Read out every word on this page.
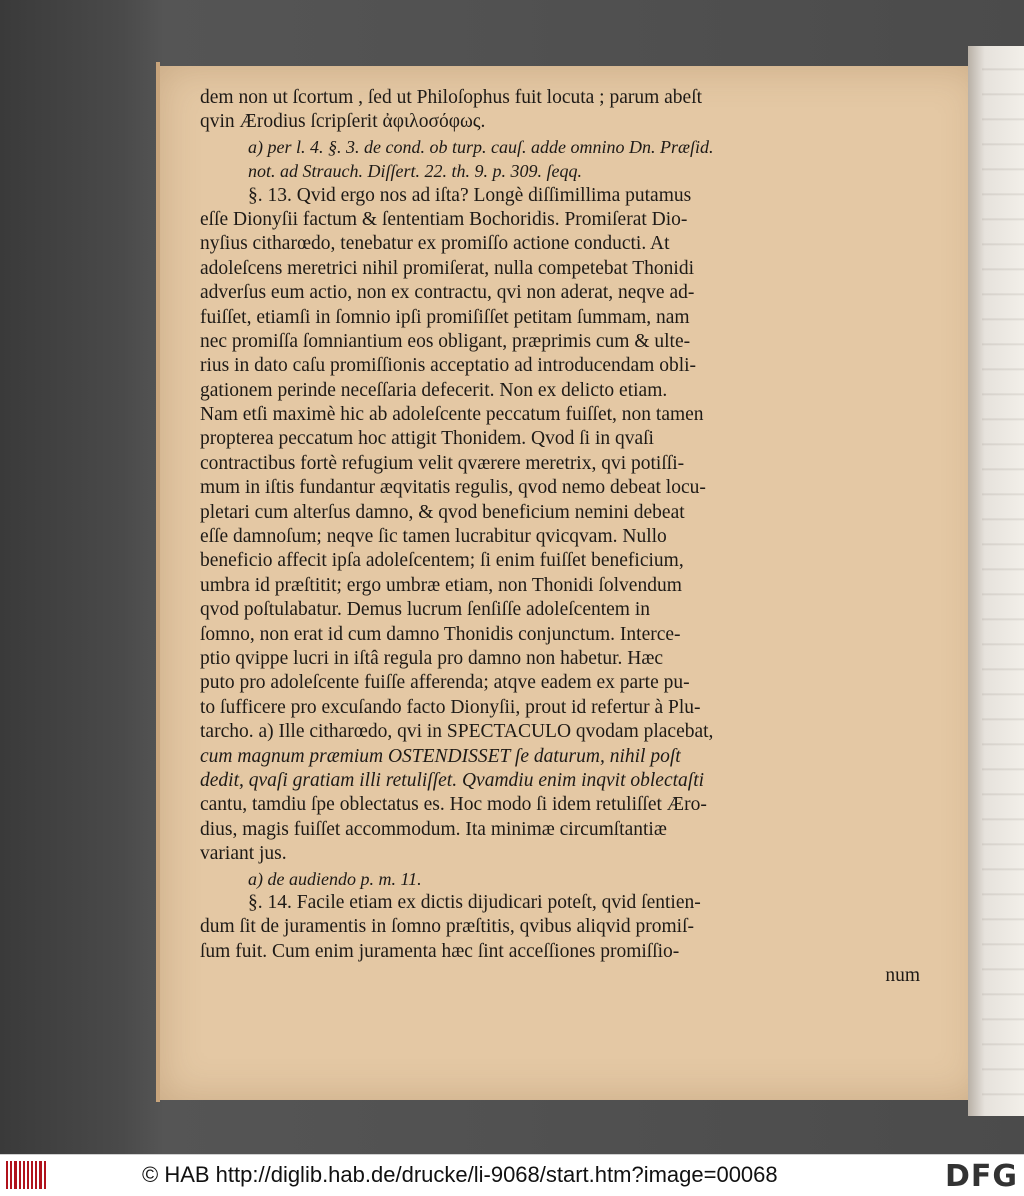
dem non ut ſcortum , ſed ut Philoſophus fuit locuta ; parum abeſt
qvin Ærodius ſcripſerit ἀφιλοσόφως.
a) per l. 4. §. 3. de cond. ob turp. cauſ. adde omnino Dn. Præſid.
not. ad Strauch. Diſſert. 22. th. 9. p. 309. ſeqq.
§. 13. Qvid ergo nos ad iſta? Longè diſſimillima putamus
eſſe Dionyſii factum & ſententiam Bochoridis. Promiſerat Dio-
nyſius citharœdo, tenebatur ex promiſſo actione conducti. At
adoleſcens meretrici nihil promiſerat, nulla competebat Thonidi
adverſus eum actio, non ex contractu, qvi non aderat, neqve ad-
fuiſſet, etiamſi in ſomnio ipſi promiſiſſet petitam ſummam, nam
nec promiſſa ſomniantium eos obligant, præprimis cum & ulte-
rius in dato caſu promiſſionis acceptatio ad introducendam obli-
gationem perinde neceſſaria defecerit. Non ex delicto etiam.
Nam etſi maximè hic ab adoleſcente peccatum fuiſſet, non tamen
propterea peccatum hoc attigit Thonidem. Qvod ſi in qvaſi
contractibus fortè refugium velit qværere meretrix, qvi potiſſi-
mum in iſtis fundantur æqvitatis regulis, qvod nemo debeat locu-
pletari cum alterſus damno, & qvod beneficium nemini debeat
eſſe damnoſum; neqve ſic tamen lucrabitur qvicqvam. Nullo
beneficio affecit ipſa adoleſcentem; ſi enim fuiſſet beneficium,
umbra id præſtitit; ergo umbræ etiam, non Thonidi ſolvendum
qvod poſtulabatur. Demus lucrum ſenſiſſe adoleſcentem in
ſomno, non erat id cum damno Thonidis conjunctum. Interce-
ptio qvippe lucri in iſtâ regula pro damno non habetur. Hæc
puto pro adoleſcente fuiſſe afferenda; atqve eadem ex parte pu-
to ſufficere pro excuſando facto Dionyſii, prout id refertur à Plu-
tarcho. a) Ille citharœdo, qvi in SPECTACULO qvodam placebat,
cum magnum præmium OSTENDISSET ſe daturum, nihil poſt
dedit, qvaſi gratiam illi retuliſſet. Qvamdiu enim inqvit oblectaſti
cantu, tamdiu ſpe oblectatus es. Hoc modo ſi idem retuliſſet Æro-
dius, magis fuiſſet accommodum. Ita minimæ circumſtantiæ
variant jus.
a) de audiendo p. m. 11.
§. 14. Facile etiam ex dictis dijudicari poteſt, qvid ſentien-
dum ſit de juramentis in ſomno præſtitis, qvibus aliqvid promiſ-
ſum fuit. Cum enim juramenta hæc ſint acceſſiones promiſſio-
num
© HAB http://diglib.hab.de/drucke/li-9068/start.htm?image=00068	DFG
